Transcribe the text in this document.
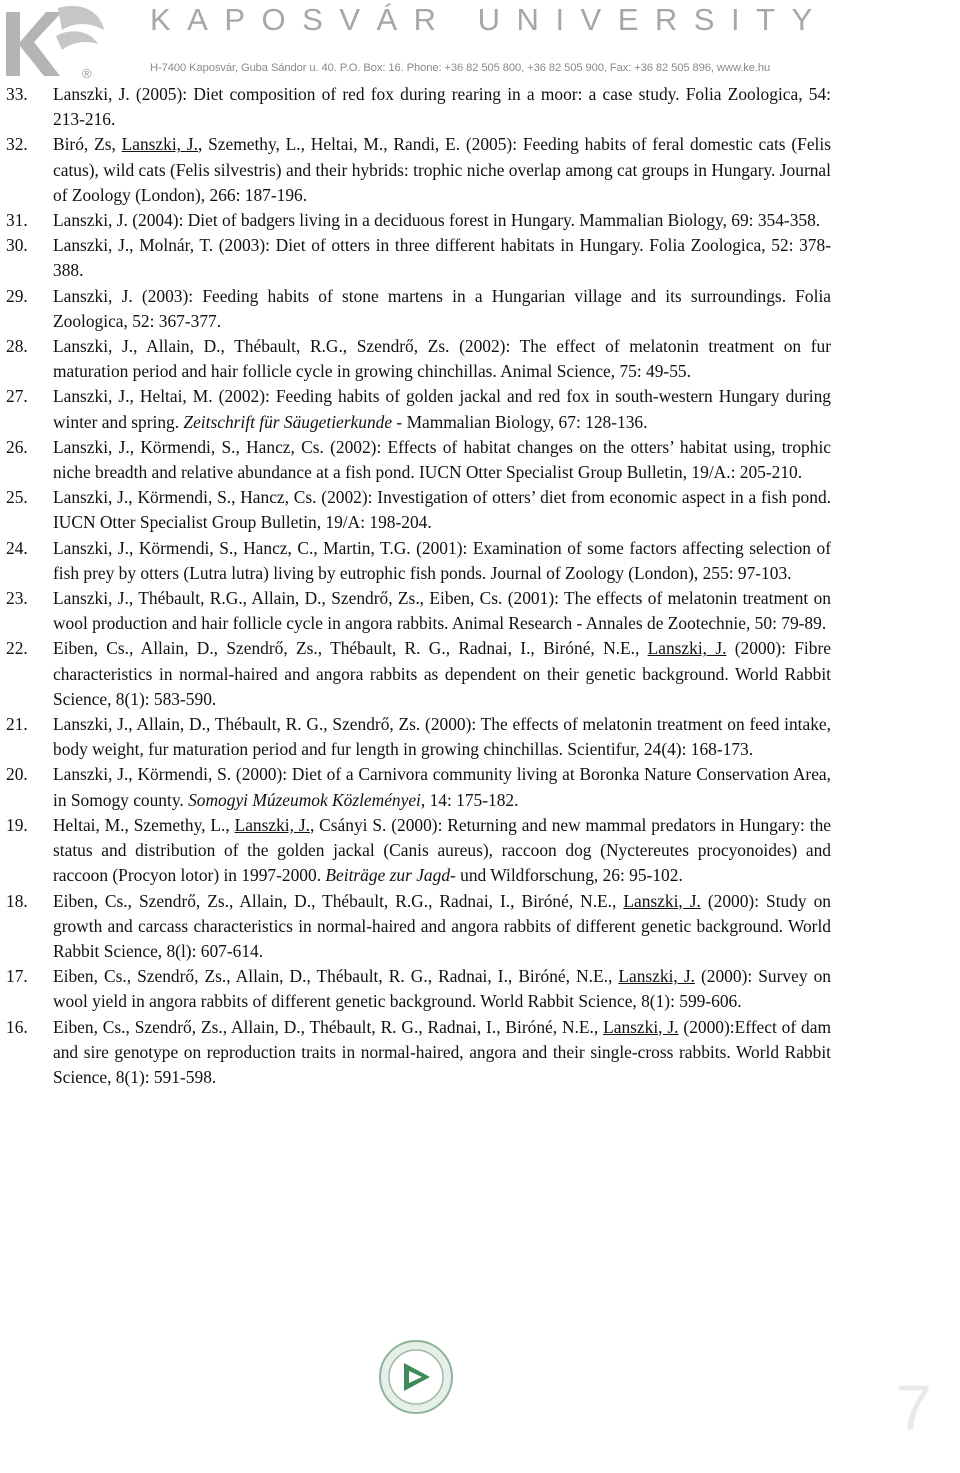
®
KAPOSVÁR UNIVERSITY
H-7400 Kaposvár, Guba Sándor u. 40. P.O. Box: 16. Phone: +36 82 505 800, +36 82 505 900, Fax: +36 82 505 896, www.ke.hu
33. Lanszki, J. (2005): Diet composition of red fox during rearing in a moor: a case study. Folia Zoologica, 54: 213-216.
32. Biró, Zs, Lanszki, J., Szemethy, L., Heltai, M., Randi, E. (2005): Feeding habits of feral domestic cats (Felis catus), wild cats (Felis silvestris) and their hybrids: trophic niche overlap among cat groups in Hungary. Journal of Zoology (London), 266: 187-196.
31. Lanszki, J. (2004): Diet of badgers living in a deciduous forest in Hungary. Mammalian Biology, 69: 354-358.
30. Lanszki, J., Molnár, T. (2003): Diet of otters in three different habitats in Hungary. Folia Zoologica, 52: 378-388.
29. Lanszki, J. (2003): Feeding habits of stone martens in a Hungarian village and its surroundings. Folia Zoologica, 52: 367-377.
28. Lanszki, J., Allain, D., Thébault, R.G., Szendrő, Zs. (2002): The effect of melatonin treatment on fur maturation period and hair follicle cycle in growing chinchillas. Animal Science, 75: 49-55.
27. Lanszki, J., Heltai, M. (2002): Feeding habits of golden jackal and red fox in south-western Hungary during winter and spring. Zeitschrift für Säugetierkunde - Mammalian Biology, 67: 128-136.
26. Lanszki, J., Körmendi, S., Hancz, Cs. (2002): Effects of habitat changes on the otters’ habitat using, trophic niche breadth and relative abundance at a fish pond. IUCN Otter Specialist Group Bulletin, 19/A.: 205-210.
25. Lanszki, J., Körmendi, S., Hancz, Cs. (2002): Investigation of otters’ diet from economic aspect in a fish pond. IUCN Otter Specialist Group Bulletin, 19/A: 198-204.
24. Lanszki, J., Körmendi, S., Hancz, C., Martin, T.G. (2001): Examination of some factors affecting selection of fish prey by otters (Lutra lutra) living by eutrophic fish ponds. Journal of Zoology (London), 255: 97-103.
23. Lanszki, J., Thébault, R.G., Allain, D., Szendrő, Zs., Eiben, Cs. (2001): The effects of melatonin treatment on wool production and hair follicle cycle in angora rabbits. Animal Research - Annales de Zootechnie, 50: 79-89.
22. Eiben, Cs., Allain, D., Szendrő, Zs., Thébault, R. G., Radnai, I., Biróné, N.E., Lanszki, J. (2000): Fibre characteristics in normal-haired and angora rabbits as dependent on their genetic background. World Rabbit Science, 8(1): 583-590.
21. Lanszki, J., Allain, D., Thébault, R. G., Szendrő, Zs. (2000): The effects of melatonin treatment on feed intake, body weight, fur maturation period and fur length in growing chinchillas. Scientifur, 24(4): 168-173.
20. Lanszki, J., Körmendi, S. (2000): Diet of a Carnivora community living at Boronka Nature Conservation Area, in Somogy county. Somogyi Múzeumok Közleményei, 14: 175-182.
19. Heltai, M., Szemethy, L., Lanszki, J., Csányi S. (2000): Returning and new mammal predators in Hungary: the status and distribution of the golden jackal (Canis aureus), raccoon dog (Nyctereutes procyonoides) and raccoon (Procyon lotor) in 1997-2000. Beiträge zur Jagd- und Wildforschung, 26: 95-102.
18. Eiben, Cs., Szendrő, Zs., Allain, D., Thébault, R.G., Radnai, I., Biróné, N.E., Lanszki, J. (2000): Study on growth and carcass characteristics in normal-haired and angora rabbits of different genetic background. World Rabbit Science, 8(l): 607-614.
17. Eiben, Cs., Szendrő, Zs., Allain, D., Thébault, R. G., Radnai, I., Biróné, N.E., Lanszki, J. (2000): Survey on wool yield in angora rabbits of different genetic background. World Rabbit Science, 8(1): 599-606.
16. Eiben, Cs., Szendrő, Zs., Allain, D., Thébault, R. G., Radnai, I., Biróné, N.E., Lanszki, J. (2000):Effect of dam and sire genotype on reproduction traits in normal-haired, angora and their single-cross rabbits. World Rabbit Science, 8(1): 591-598.
7
